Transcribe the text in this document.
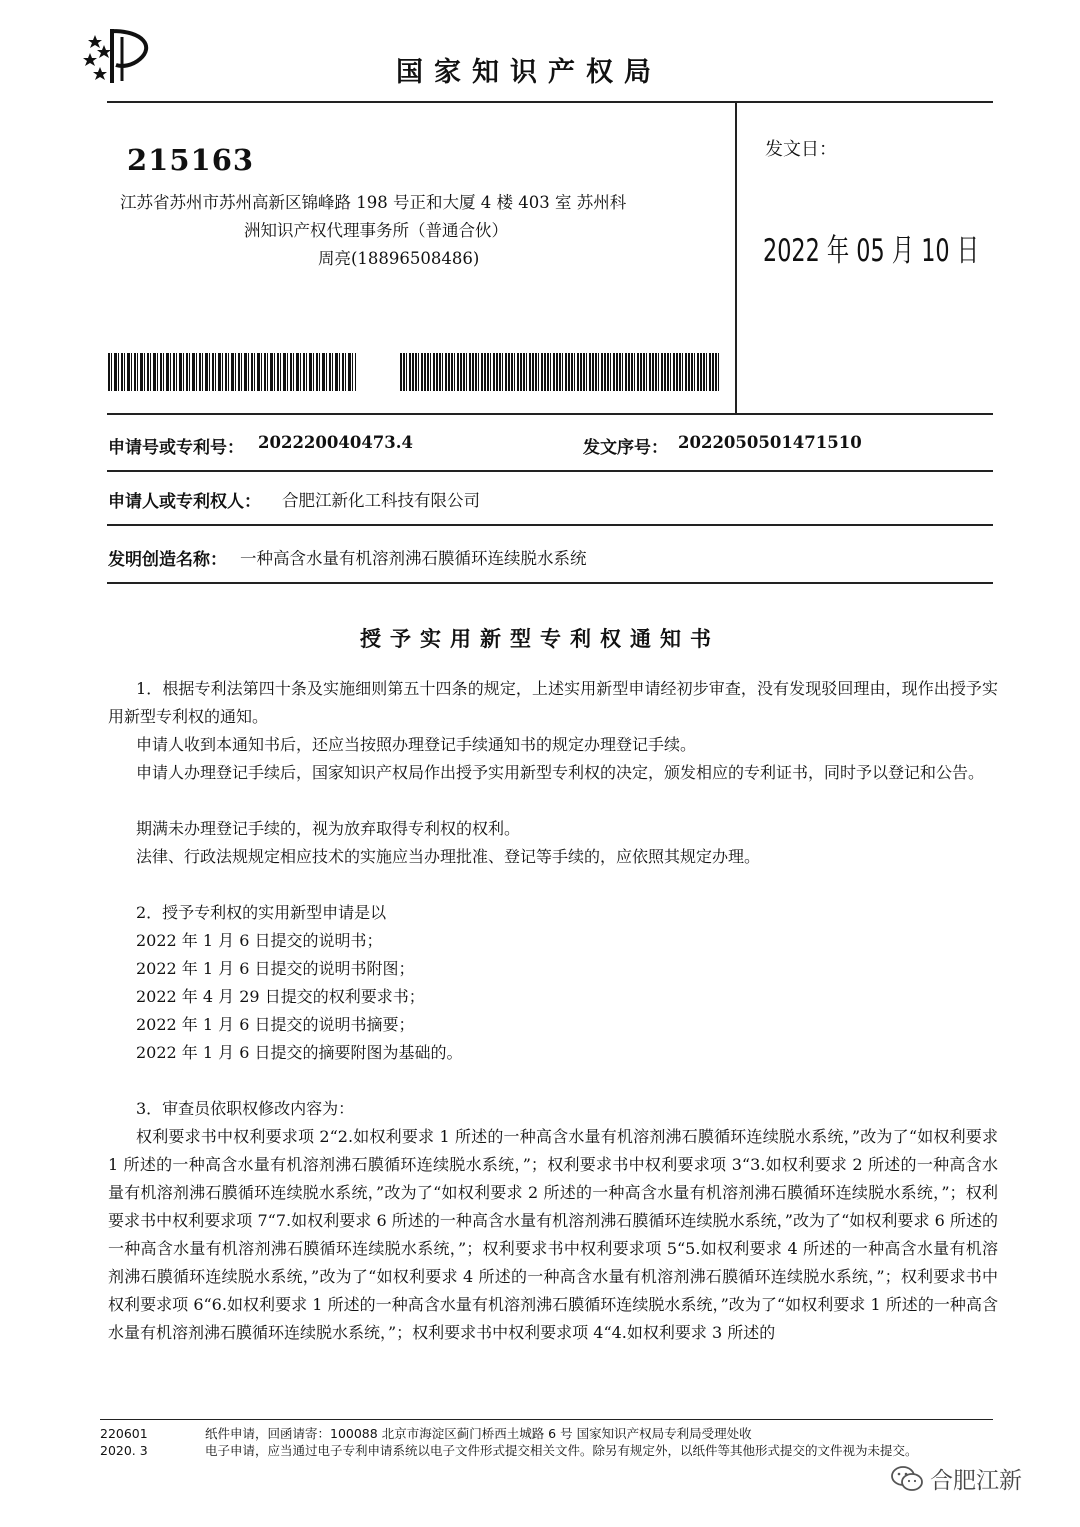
国家知识产权局
215163
江苏省苏州市苏州高新区锦峰路 198 号正和大厦 4 楼 403 室 苏州科
洲知识产权代理事务所（普通合伙）
周亮(18896508486)
发文日：
2022 年 05 月 10 日
申请号或专利号： 202220040473.4	发文序号： 2022050501471510
申请人或专利权人： 合肥江新化工科技有限公司
发明创造名称： 一种高含水量有机溶剂沸石膜循环连续脱水系统
授予实用新型专利权通知书

1．根据专利法第四十条及实施细则第五十四条的规定，上述实用新型申请经初步审查，没有发现驳回理由，现作出授予实用新型专利权的通知。

申请人收到本通知书后，还应当按照办理登记手续通知书的规定办理登记手续。

申请人办理登记手续后，国家知识产权局作出授予实用新型专利权的决定，颁发相应的专利证书，同时予以登记和公告。

期满未办理登记手续的，视为放弃取得专利权的权利。

法律、行政法规规定相应技术的实施应当办理批准、登记等手续的，应依照其规定办理。

2．授予专利权的实用新型申请是以

2022 年 1 月 6 日提交的说明书；

2022 年 1 月 6 日提交的说明书附图；

2022 年 4 月 29 日提交的权利要求书；

2022 年 1 月 6 日提交的说明书摘要；

2022 年 1 月 6 日提交的摘要附图为基础的。

3．审查员依职权修改内容为：

权利要求书中权利要求项 2“2.如权利要求 1 所述的一种高含水量有机溶剂沸石膜循环连续脱水系统，”改为了“如权利要求 1 所述的一种高含水量有机溶剂沸石膜循环连续脱水系统，”；权利要求书中权利要求项 3“3.如权利要求 2 所述的一种高含水量有机溶剂沸石膜循环连续脱水系统，”改为了“如权利要求 2 所述的一种高含水量有机溶剂沸石膜循环连续脱水系统，”；权利要求书中权利要求项 7“7.如权利要求 6 所述的一种高含水量有机溶剂沸石膜循环连续脱水系统，”改为了“如权利要求 6 所述的一种高含水量有机溶剂沸石膜循环连续脱水系统，”；权利要求书中权利要求项 5“5.如权利要求 4 所述的一种高含水量有机溶剂沸石膜循环连续脱水系统，”改为了“如权利要求 4 所述的一种高含水量有机溶剂沸石膜循环连续脱水系统，”；权利要求书中权利要求项 6“6.如权利要求 1 所述的一种高含水量有机溶剂沸石膜循环连续脱水系统，”改为了“如权利要求 1 所述的一种高含水量有机溶剂沸石膜循环连续脱水系统，”；权利要求书中权利要求项 4“4.如权利要求 3 所述的

220601
2020. 3

纸件申请，回函请寄：100088 北京市海淀区蓟门桥西土城路 6 号 国家知识产权局专利局受理处收

电子申请，应当通过电子专利申请系统以电子文件形式提交相关文件。除另有规定外，以纸件等其他形式提交的文件视为未提交。

合肥江新
